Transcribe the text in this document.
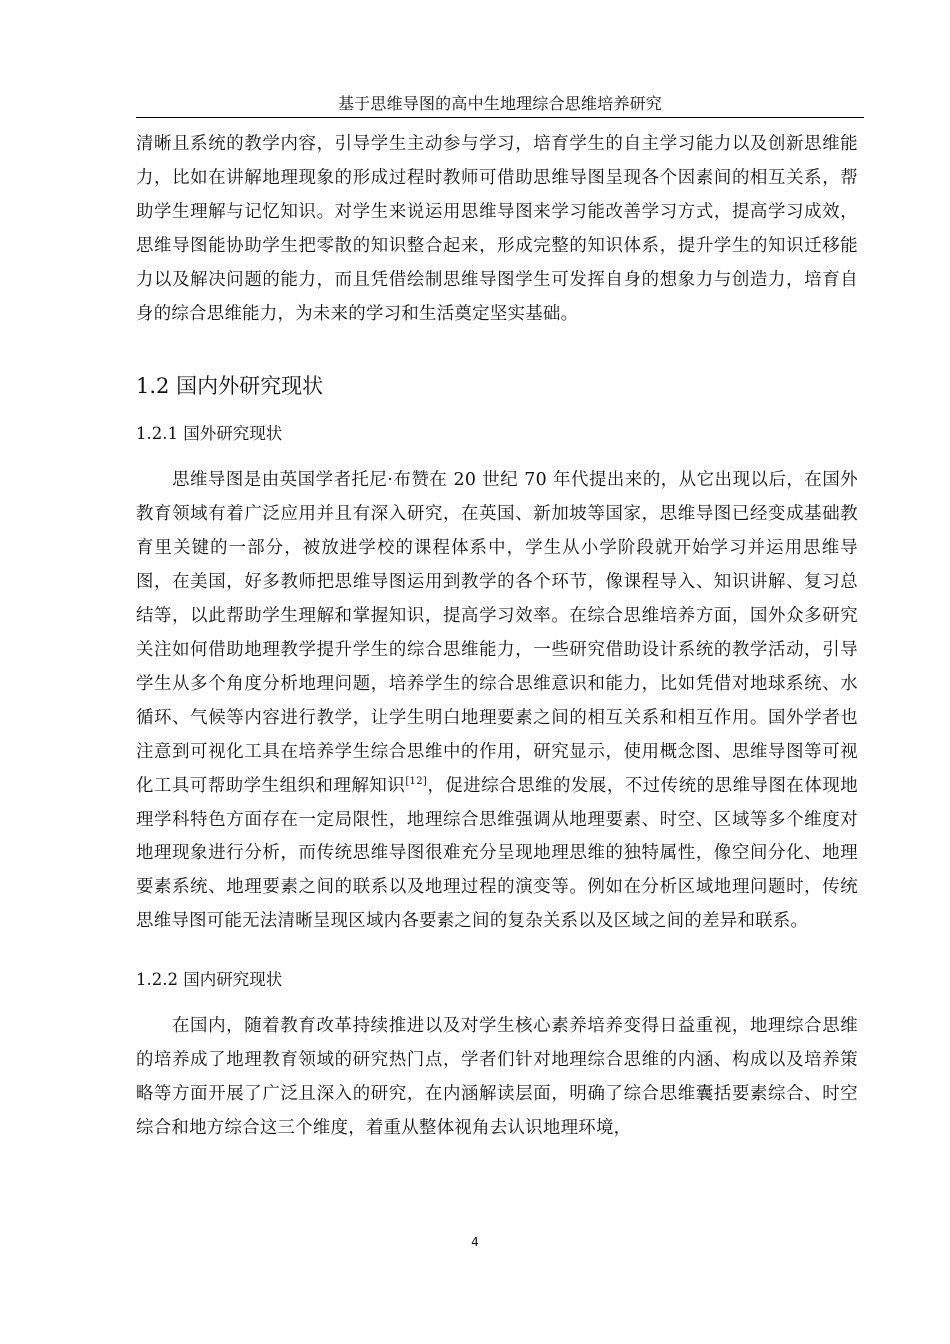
基于思维导图的高中生地理综合思维培养研究

清晰且系统的教学内容，引导学生主动参与学习，培育学生的自主学习能力以及创新思维能力，比如在讲解地理现象的形成过程时教师可借助思维导图呈现各个因素间的相互关系，帮助学生理解与记忆知识。对学生来说运用思维导图来学习能改善学习方式，提高学习成效，思维导图能协助学生把零散的知识整合起来，形成完整的知识体系，提升学生的知识迁移能力以及解决问题的能力，而且凭借绘制思维导图学生可发挥自身的想象力与创造力，培育自身的综合思维能力，为未来的学习和生活奠定坚实基础。

1.2 国内外研究现状
1.2.1 国外研究现状

思维导图是由英国学者托尼·布赞在 20 世纪 70 年代提出来的，从它出现以后，在国外教育领域有着广泛应用并且有深入研究，在英国、新加坡等国家，思维导图已经变成基础教育里关键的一部分，被放进学校的课程体系中，学生从小学阶段就开始学习并运用思维导图，在美国，好多教师把思维导图运用到教学的各个环节，像课程导入、知识讲解、复习总结等，以此帮助学生理解和掌握知识，提高学习效率。在综合思维培养方面，国外众多研究关注如何借助地理教学提升学生的综合思维能力，一些研究借助设计系统的教学活动，引导学生从多个角度分析地理问题，培养学生的综合思维意识和能力，比如凭借对地球系统、水循环、气候等内容进行教学，让学生明白地理要素之间的相互关系和相互作用。国外学者也注意到可视化工具在培养学生综合思维中的作用，研究显示，使用概念图、思维导图等可视化工具可帮助学生组织和理解知识[12]，促进综合思维的发展，不过传统的思维导图在体现地理学科特色方面存在一定局限性，地理综合思维强调从地理要素、时空、区域等多个维度对地理现象进行分析，而传统思维导图很难充分呈现地理思维的独特属性，像空间分化、地理要素系统、地理要素之间的联系以及地理过程的演变等。例如在分析区域地理问题时，传统思维导图可能无法清晰呈现区域内各要素之间的复杂关系以及区域之间的差异和联系。

1.2.2 国内研究现状

在国内，随着教育改革持续推进以及对学生核心素养培养变得日益重视，地理综合思维的培养成了地理教育领域的研究热门点，学者们针对地理综合思维的内涵、构成以及培养策略等方面开展了广泛且深入的研究，在内涵解读层面，明确了综合思维囊括要素综合、时空综合和地方综合这三个维度，着重从整体视角去认识地理环境，

4
